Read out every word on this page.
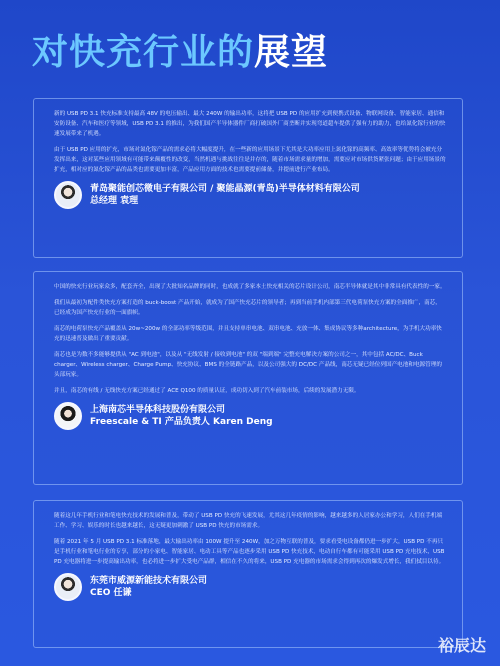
对快充行业的展望

新的 USB PD 3.1 快充标准支持最高 48V 的电压输出、最大 240W 的输出功率，这将把 USB PD 的应用扩充到便携式设备、物联网设备、智能家居、通信和安防设备、汽车和医疗等领域，USB PD 3.1 的推出，为我们国产半导体器件厂商打破国外厂商垄断并实现弯道超车提供了强有力的助力，也给氮化镓行业的快速发展带来了机遇。

由于 USB PD 应用的扩充，市场对氮化镓产品的需求必将大幅度提升，在一些新的应用场景下尤其是大功率应用上氮化镓的高频率、高效率等优势将会被充分发挥出来，这对某些应用领域有可能带来颠覆性的改变，当然机遇与挑战往往是并存的，随着市场需求量的增加，需要应对市场供货紧张问题；由于应用场景的扩充，相对应的氮化镓产品的品类也需要更加丰富，产品应用方面的技术也需要提前储备，并提前进行产业布局。

青岛聚能创芯微电子有限公司 / 聚能晶源(青岛)半导体材料有限公司
总经理 袁理

中国的快充行业玩家众多，配套齐全，出现了大批知名品牌的同时，也成就了多家本土快充相关的芯片设计公司，南芯半导体就是其中非常具有代表性的一家。

我们从最初为配件类快充方案打造的 buck-boost 产品开始，就成为了国产快充芯片的领导者；再到当前手机内部第三代电荷泵快充方案的全面推广，南芯，已经成为国产快充行业的一面旗帜。

南芯的电荷泵快充产品覆盖从 20w~200w 的全部功率等级范围，并且支持单串电池、双串电池、充放一体、集成协议等多种architecture，为手机大功率快充的迅速普及做出了重要贡献。

南芯也是为数不多能够提供从 "AC 到电池"，以及从 "无线发射 / 接收到电池" 的双 "端到端" 完整充电解决方案的公司之一，其中包括 AC/DC、Buck charger、Wireless charger、Charge Pump、快充协议、BMS 的全链路产品，以及公司强大的 DC/DC 产品线，南芯无疑已经位列国产电池和电源管理的头部玩家。

并且，南芯的有线 / 无线快充方案已经通过了 ACE Q100 的质量认证，成功切入到了汽车前装市场，后续的发展潜力无限。

上海南芯半导体科技股份有限公司
Freescale & TI 产品负责人 Karen Deng

随着这几年手机行业和笔电快充技术的发展和普及，带动了 USB PD 快充的飞速发展，尤其这几年疫情的影响，越来越多的人居家办公和学习，人们在手机端工作、学习、娱乐的时长也越来越长，这无疑更加刺激了 USB PD 快充的市场需求。

随着 2021 年 5 月 USB PD 3.1 标准落地，最大输出功率由 100W 提升至 240W，加之万物互联的普及，要求看受电设备都仍进一步扩大，USB PD 不再只是手机行业和笔电行业的专享，部分的小家电、智能家居、电动工具等产品也逐步采用 USB PD 快充技术，电动自行车都有可能采用 USB PD 充电技术，USB PD 充电器将进一步提高输出功率，也必将进一步扩大受电产品群，相信在不久的将来，USB PD 充电器的市场需求会得到再次的爆发式增长，我们拭目以待。

东莞市威源新能技术有限公司
CEO 任谦
裕辰达
